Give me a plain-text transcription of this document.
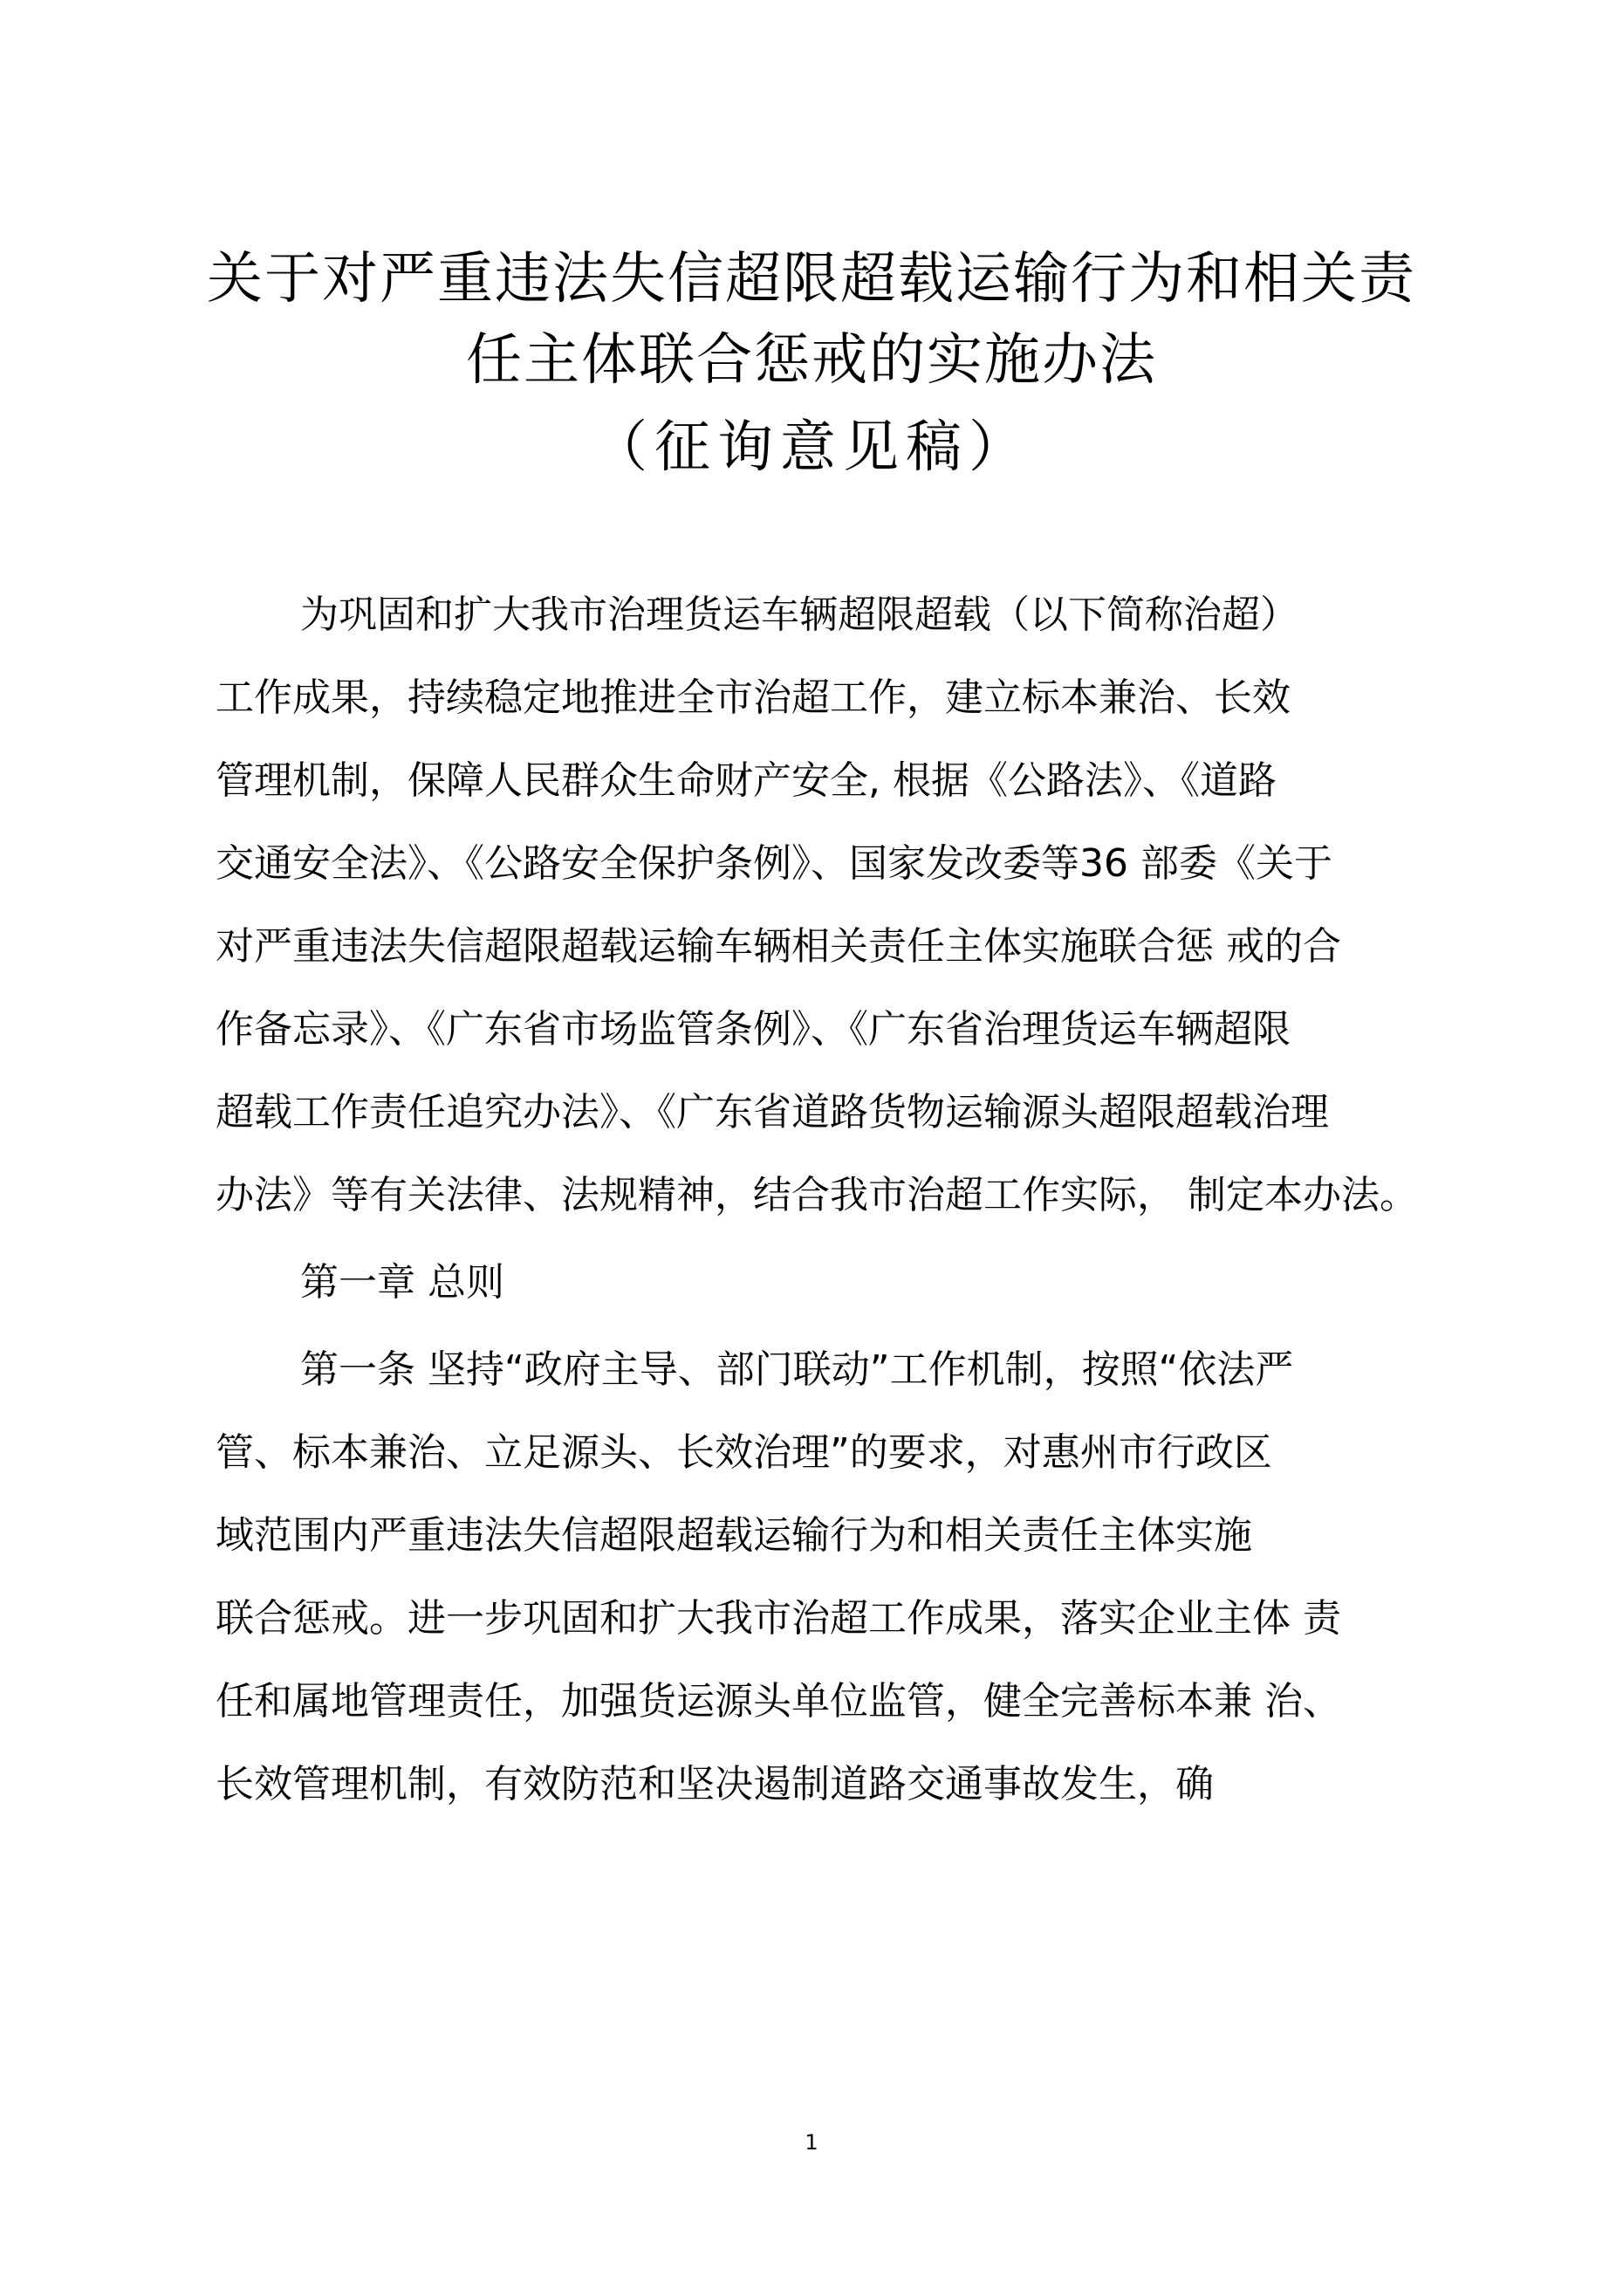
关于对严重违法失信超限超载运输行为和相关责
任主体联合惩戒的实施办法
（征询意见稿）
为巩固和扩大我市治理货运车辆超限超载（以下简称治超）
工作成果，持续稳定地推进全市治超工作，建立标本兼治、长效
管理机制，保障人民群众生命财产安全, 根据《公路法》、《道路
交通安全法》、《公路安全保护条例》、国家发改委等36 部委《关于
对严重违法失信超限超载运输车辆相关责任主体实施联合惩 戒的合
作备忘录》、《广东省市场监管条例》、《广东省治理货运车辆超限
超载工作责任追究办法》、《广东省道路货物运输源头超限超载治理
办法》等有关法律、法规精神，结合我市治超工作实际， 制定本办法。
第一章 总则
第一条 坚持“政府主导、部门联动”工作机制，按照“依法严
管、标本兼治、立足源头、长效治理”的要求，对惠州市行政区
域范围内严重违法失信超限超载运输行为和相关责任主体实施
联合惩戒。进一步巩固和扩大我市治超工作成果，落实企业主体 责
任和属地管理责任，加强货运源头单位监管，健全完善标本兼 治、
长效管理机制，有效防范和坚决遏制道路交通事故发生，确
1
